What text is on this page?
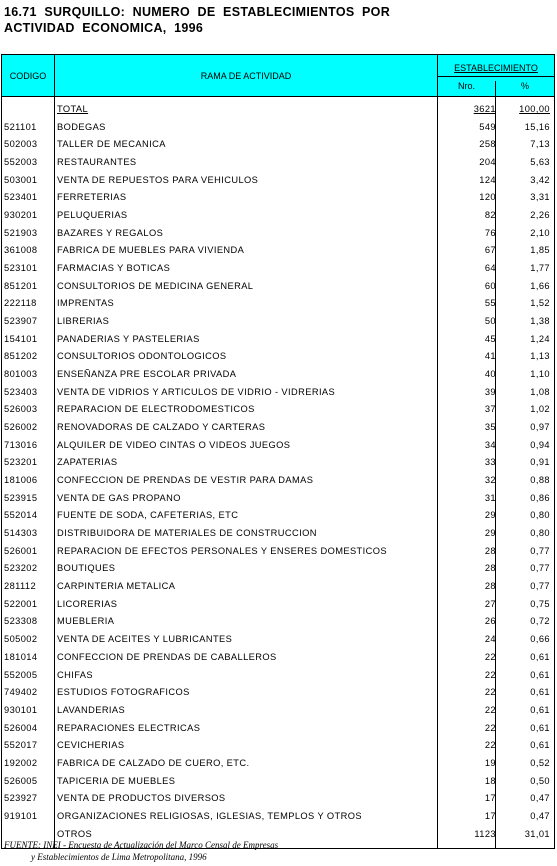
16.71  SURQUILLO:  NUMERO  DE  ESTABLECIMIENTOS  POR
ACTIVIDAD  ECONOMICA,  1996
CODIGO	RAMA DE ACTIVIDAD
ESTABLECIMIENTO
Nro.	%
TOTAL	3621 100,00
521101 BODEGAS	549	15,16
502003 TALLER DE MECANICA	258	7,13
552003 RESTAURANTES	204	5,63
503001 VENTA DE REPUESTOS PARA VEHICULOS	124	3,42
523401 FERRETERIAS	120	3,31
930201 PELUQUERIAS	82	2,26
521903 BAZARES Y REGALOS	76	2,10
361008 FABRICA DE MUEBLES PARA VIVIENDA	67	1,85
523101 FARMACIAS Y BOTICAS	64	1,77
851201 CONSULTORIOS DE MEDICINA GENERAL	60	1,66
222118 IMPRENTAS	55	1,52
523907 LIBRERIAS	50	1,38
154101 PANADERIAS Y PASTELERIAS	45	1,24
851202 CONSULTORIOS ODONTOLOGICOS	41	1,13
801003 ENSEÑANZA PRE ESCOLAR PRIVADA	40	1,10
523403 VENTA DE VIDRIOS Y ARTICULOS DE VIDRIO - VIDRERIAS	39	1,08
526003 REPARACION DE ELECTRODOMESTICOS	37	1,02
526002 RENOVADORAS DE CALZADO Y CARTERAS	35	0,97
713016 ALQUILER DE VIDEO CINTAS O VIDEOS JUEGOS	34	0,94
523201 ZAPATERIAS	33	0,91
181006 CONFECCION DE PRENDAS DE VESTIR PARA DAMAS	32	0,88
523915 VENTA DE GAS PROPANO	31	0,86
552014 FUENTE DE SODA, CAFETERIAS, ETC	29	0,80
514303 DISTRIBUIDORA DE MATERIALES DE CONSTRUCCION	29	0,80
526001 REPARACION DE EFECTOS PERSONALES Y ENSERES DOMESTICOS	28	0,77
523202 BOUTIQUES	28	0,77
281112 CARPINTERIA METALICA	28	0,77
522001 LICORERIAS	27	0,75
523308 MUEBLERIA	26	0,72
505002 VENTA DE ACEITES Y LUBRICANTES	24	0,66
181014 CONFECCION DE PRENDAS DE CABALLEROS	22	0,61
552005 CHIFAS	22	0,61
749402 ESTUDIOS FOTOGRAFICOS	22	0,61
930101 LAVANDERIAS	22	0,61
526004 REPARACIONES ELECTRICAS	22	0,61
552017 CEVICHERIAS	22	0,61
192002 FABRICA DE CALZADO DE CUERO, ETC.	19	0,52
526005 TAPICERIA DE MUEBLES	18	0,50
523927 VENTA DE PRODUCTOS DIVERSOS	17	0,47
919101 ORGANIZACIONES RELIGIOSAS, IGLESIAS, TEMPLOS Y OTROS	17	0,47
OTROS	1123	31,01
FUENTE: INEI - Encuesta de Actualización del Marco Censal de Empresas
y Establecimientos de Lima Metropolitana, 1996
